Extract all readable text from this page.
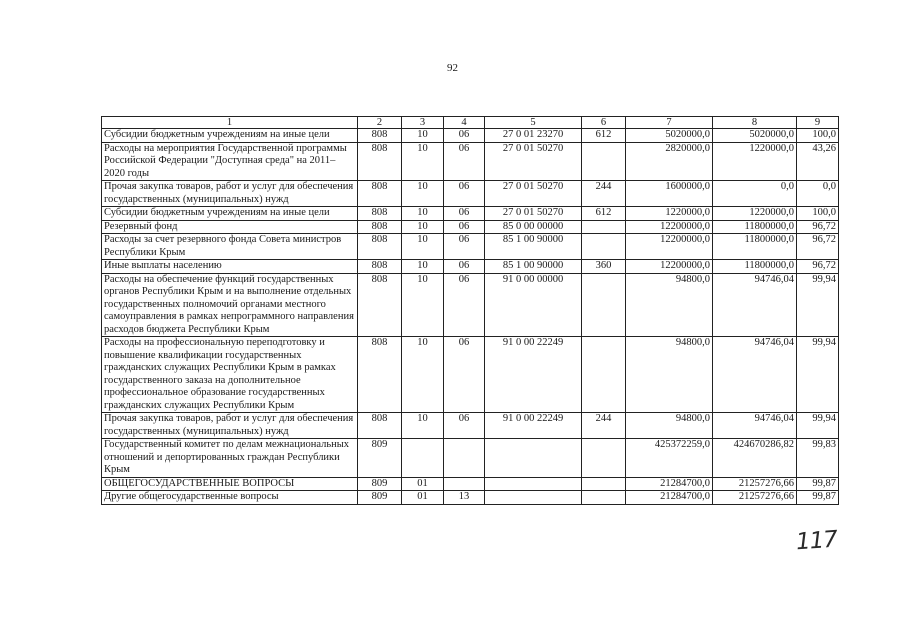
92
1	2	3	4	5	6	7	8	9
Субсидии бюджетным учреждениям на иные цели	808	10	06	27 0 01 23270	612	5020000,0	5020000,0	100,0
Расходы на мероприятия Государственной программы Российской Федерации "Доступная среда" на 2011–2020 годы	808	10	06	27 0 01 50270		2820000,0	1220000,0	43,26
Прочая закупка товаров, работ и услуг для обеспечения государственных (муниципальных) нужд	808	10	06	27 0 01 50270	244	1600000,0	0,0	0,0
Субсидии бюджетным учреждениям на иные цели	808	10	06	27 0 01 50270	612	1220000,0	1220000,0	100,0
Резервный фонд	808	10	06	85 0 00 00000		12200000,0	11800000,0	96,72
Расходы за счет резервного фонда Совета министров Республики Крым	808	10	06	85 1 00 90000		12200000,0	11800000,0	96,72
Иные выплаты населению	808	10	06	85 1 00 90000	360	12200000,0	11800000,0	96,72
Расходы на обеспечение функций государственных органов Республики Крым и на выполнение отдельных государственных полномочий органами местного самоуправления в рамках непрограммного направления расходов бюджета Республики Крым	808	10	06	91 0 00 00000		94800,0	94746,04	99,94
Расходы на профессиональную переподготовку и повышение квалификации государственных гражданских служащих Республики Крым в рамках государственного заказа на дополнительное профессиональное образование государственных гражданских служащих Республики Крым	808	10	06	91 0 00 22249		94800,0	94746,04	99,94
Прочая закупка товаров, работ и услуг для обеспечения государственных (муниципальных) нужд	808	10	06	91 0 00 22249	244	94800,0	94746,04	99,94
Государственный комитет по делам межнациональных отношений и депортированных граждан Республики Крым	809					425372259,0	424670286,82	99,83
ОБЩЕГОСУДАРСТВЕННЫЕ ВОПРОСЫ	809	01				21284700,0	21257276,66	99,87
Другие общегосударственные вопросы	809	01	13			21284700,0	21257276,66	99,87
117
